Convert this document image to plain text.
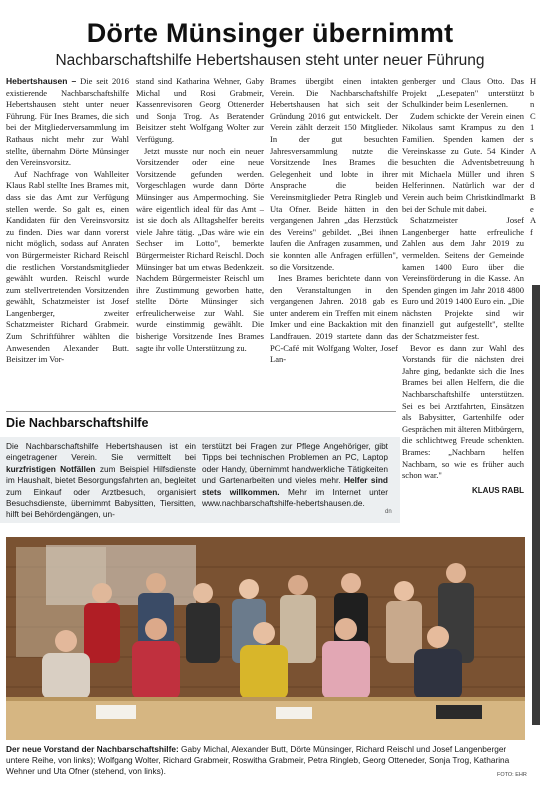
Dörte Münsinger übernimmt
Nachbarschaftshilfe Hebertshausen steht unter neuer Führung

Hebertshausen – Die seit 2016 existierende Nachbarschaftshilfe Hebertshausen steht unter neuer Führung. Für Ines Brames, die sich bei der Mitgliederversammlung im Rathaus nicht mehr zur Wahl stellte, übernahm Dörte Münsinger den Vereinsvorsitz.

Auf Nachfrage von Wahlleiter Klaus Rabl stellte Ines Brames mit, dass sie das Amt zur Verfügung stellen werde. So galt es, einen Kandidaten für den Vereinsvorsitz zu finden. Dies war dann vorerst nicht möglich, sodass auf Anraten von Bürgermeister Richard Reischl die restlichen Vorstandsmitglieder gewählt wurden. Reischl wurde zum stellvertretenden Vorsitzenden gewählt, Schatzmeister ist Josef Langenberger, zweiter Schatzmeister Richard Grabmeir. Zum Schriftführer wählten die Anwesenden Alexander Butt. Beisitzer im Vor-

stand sind Katharina Wehner, Gaby Michal und Rosi Grabmeir, Kassenrevisoren Georg Ottenerder und Sonja Trog. As Beratender Beisitzer steht Wolfgang Wolter zur Verfügung.

Jetzt musste nur noch ein neuer Vorsitzender oder eine neue Vorsitzende gefunden werden. Vorgeschlagen wurde dann Dörte Münsinger aus Ampermoching. Sie wäre eigentlich ideal für das Amt – ist sie doch als Alltagshelfer bereits viele Jahre tätig. „Das wäre wie ein Sechser im Lotto", bemerkte Bürgermeister Richard Reischl. Doch Münsinger bat um etwas Bedenkzeit. Nachdem Bürgermeister Reischl um ihre Zustimmung geworben hatte, stellte Dörte Münsinger sich erfreulicherweise zur Wahl. Sie wurde einstimmig gewählt. Die bisherige Vorsitzende Ines Brames sagte ihr volle Unterstützung zu.

Brames übergibt einen intakten Verein. Die Nachbarschaftshilfe Hebertshausen hat sich seit der Gründung 2016 gut entwickelt. Der Verein zählt derzeit 150 Mitglieder. In der gut besuchten Jahresversammlung nutzte die Vorsitzende Ines Brames die Gelegenheit und lobte in ihrer Ansprache die beiden Vereinsmitglieder Petra Ringleb und Uta Ofner. Beide hätten in den vergangenen Jahren „das Herzstück des Vereins" gebildet. „Bei ihnen laufen die Anfragen zusammen, und sie konnten alle Anfragen erfüllen", so die Vorsitzende.

Ines Brames berichtete dann von den Veranstaltungen in den vergangenen Jahren. 2018 gab es unter anderem ein Treffen mit einem Imker und eine Backaktion mit den Landfrauen. 2019 startete dann das PC-Café mit Wolfgang Wolter, Josef Lan-

genberger und Claus Otto. Das Projekt „Lesepaten" unterstützt Schulkinder beim Lesenlernen.

Zudem schickte der Verein einen Nikolaus samt Krampus zu den Familien. Spenden kamen der Vereinskasse zu Gute. 54 Kinder besuchten die Adventsbetreuung mit Michaela Müller und ihren Helferinnen. Natürlich war der Verein auch beim Christkindlmarkt bei der Schule mit dabei.

Schatzmeister Josef Langenberger hatte erfreuliche Zahlen aus dem Jahr 2019 zu vermelden. Seitens der Gemeinde kamen 1400 Euro über die Vereinsförderung in die Kasse. An Spenden gingen im Jahr 2018 4800 Euro und 2019 1400 Euro ein. „Die nächsten Projekte sind wir finanziell gut aufgestellt", stellte der Schatzmeister fest.

Bevor es dann zur Wahl des Vorstands für die nächsten drei Jahre ging, bedankte sich die Ines Brames bei allen Helfern, die die Nachbarschaftshilfe unterstützen. Sei es bei Arztfahrten, Einsätzen als Babysitter, Gartenhilfe oder Gesprächen mit älteren Mitbürgern, die schlichtweg Freude schenkten. Brames: „Nachbarn helfen Nachbarn, so wie es früher auch schon war."

KLAUS RABL
H
b
n
C
1
s
A
h
S
d
B
e
A
f
Die Nachbarschaftshilfe
Die Nachbarschaftshilfe Hebertshausen ist ein eingetragener Verein. Sie vermittelt bei kurzfristigen Notfällen zum Beispiel Hilfsdienste im Haushalt, bietet Besorgungsfahrten an, begleitet zum Einkauf oder Arztbesuch, organisiert Besuchsdienste, übernimmt Babysitten, Tiersitten, hilft bei Behördengängen, un-
terstützt bei Fragen zur Pflege Angehöriger, gibt Tipps bei technischen Problemen an PC, Laptop oder Handy, übernimmt handwerkliche Tätigkeiten und Gartenarbeiten und vieles mehr. Helfer sind stets willkommen. Mehr im Internet unter www.nachbarschaftshilfe-hebertshausen.de.
dn
Der neue Vorstand der Nachbarschaftshilfe: Gaby Michal, Alexander Butt, Dörte Münsinger, Richard Reischl und Josef Langenberger untere Reihe, von links); Wolfgang Wolter, Richard Grabmeir, Roswitha Grabmeir, Petra Ringleb, Georg Otteneder, Sonja Trog, Katharina Wehner und Uta Ofner (stehend, von links).	FOTO: EHR
